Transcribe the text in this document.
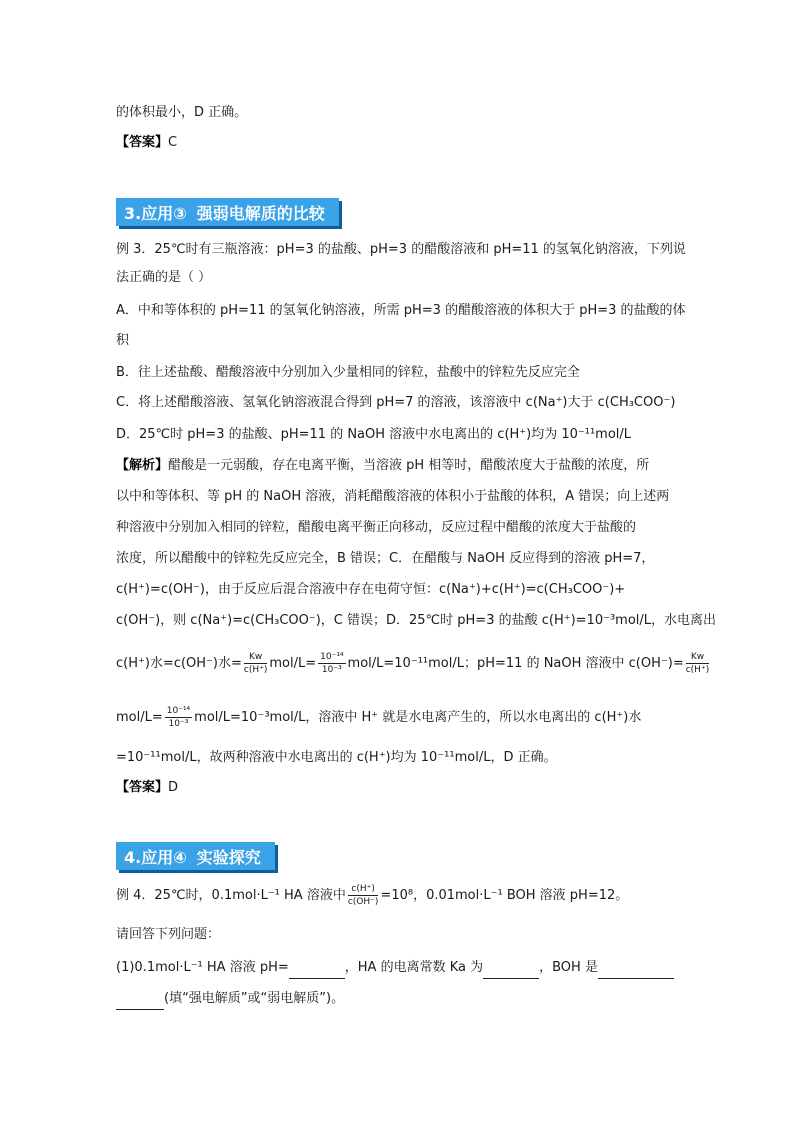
的体积最小，D 正确。
【答案】C
3.应用③ 强弱电解质的比较
例 3．25℃时有三瓶溶液：pH=3 的盐酸、pH=3 的醋酸溶液和 pH=11 的氢氧化钠溶液，下列说
法正确的是（ ）
A．中和等体积的 pH=11 的氢氧化钠溶液，所需 pH=3 的醋酸溶液的体积大于 pH=3 的盐酸的体
积
B．往上述盐酸、醋酸溶液中分别加入少量相同的锌粒，盐酸中的锌粒先反应完全
C．将上述醋酸溶液、氢氧化钠溶液混合得到 pH=7 的溶液，该溶液中 c(Na⁺)大于 c(CH₃COO⁻)
D．25℃时 pH=3 的盐酸、pH=11 的 NaOH 溶液中水电离出的 c(H⁺)均为 10⁻¹¹mol/L
【解析】醋酸是一元弱酸，存在电离平衡，当溶液 pH 相等时，醋酸浓度大于盐酸的浓度，所
以中和等体积、等 pH 的 NaOH 溶液，消耗醋酸溶液的体积小于盐酸的体积，A 错误；向上述两
种溶液中分别加入相同的锌粒，醋酸电离平衡正向移动，反应过程中醋酸的浓度大于盐酸的
浓度，所以醋酸中的锌粒先反应完全，B 错误；C．在醋酸与 NaOH 反应得到的溶液 pH=7，
c(H⁺)=c(OH⁻)，由于反应后混合溶液中存在电荷守恒：c(Na⁺)+c(H⁺)=c(CH₃COO⁻)+
c(OH⁻)，则 c(Na⁺)=c(CH₃COO⁻)，C 错误；D．25℃时 pH=3 的盐酸 c(H⁺)=10⁻³mol/L，水电离出
c(H⁺)水=c(OH⁻)水= $\frac{Kw}{c(H^+)} mol/L= \frac{\text{10⁻¹⁴}}{\text{10⁻³}} mol/L=10^{-11}mol/L$；pH=11 的 NaOH 溶液中 $c(OH^-)= \frac{Kw}{c(H^+)}$
$mol/L= \frac{\text{10⁻¹⁴}}{\text{10⁻³}} mol/L=10^{-3}mol/L$，溶液中 H⁺ 就是水电离产生的，所以水电离出的 c(H⁺)水
=10⁻¹¹mol/L，故两种溶液中水电离出的 c(H⁺)均为 10⁻¹¹mol/L，D 正确。
【答案】D
4.应用④ 实验探究
例 4．25℃时，0.1mol·L⁻¹ HA 溶液中 $\frac{c(H^+)}{c(OH^-)} =10^8$，0.01mol·L⁻¹ BOH 溶液 pH=12。
请回答下列问题：
(1)0.1mol·L⁻¹ HA 溶液 pH=	，HA 的电离常数 Ka 为	，BOH 是
(填“强电解质”或“弱电解质”)。
